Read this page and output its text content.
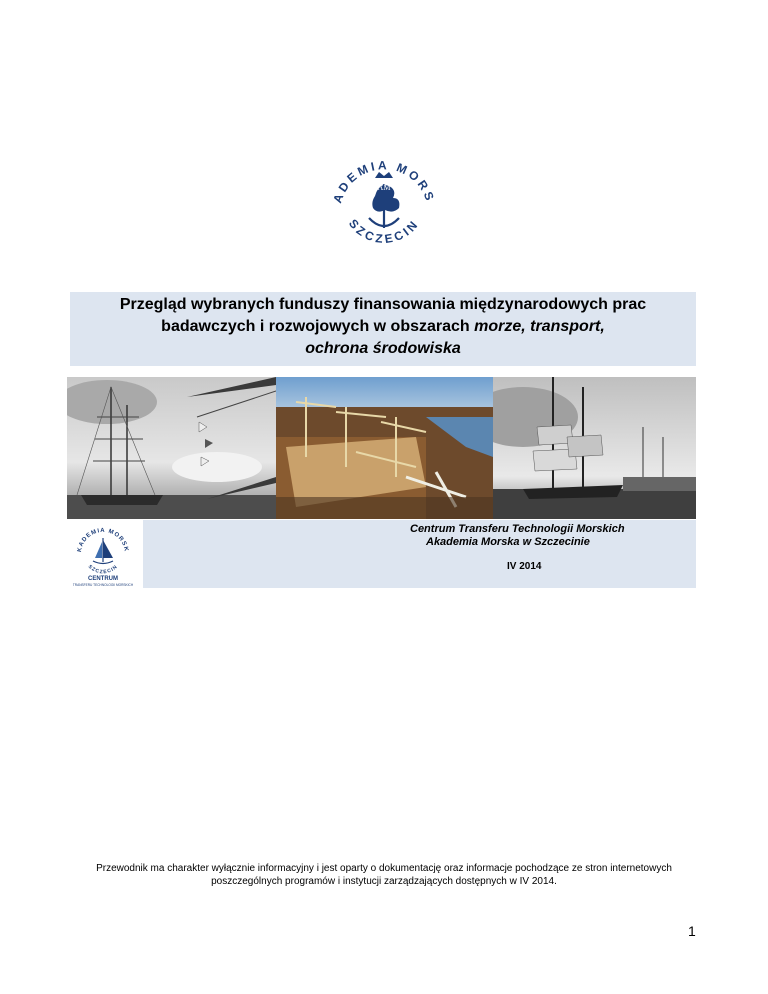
ADEMIA MORS
SZCZECIN
AM
Przegląd wybranych funduszy finansowania międzynarodowych prac
badawczych i rozwojowych w obszarach morze, transport,
ochrona środowiska
KADEMIA MORSK
SZCZECIN
CENTRUM
TRANSFERU TECHNOLOGII MORSKICH
Centrum Transferu Technologii Morskich
Akademia Morska w Szczecinie
IV 2014
Przewodnik ma charakter wyłącznie informacyjny i jest oparty o dokumentację oraz informacje pochodzące ze stron internetowych
poszczególnych programów i instytucji zarządzających dostępnych w IV 2014.
1
